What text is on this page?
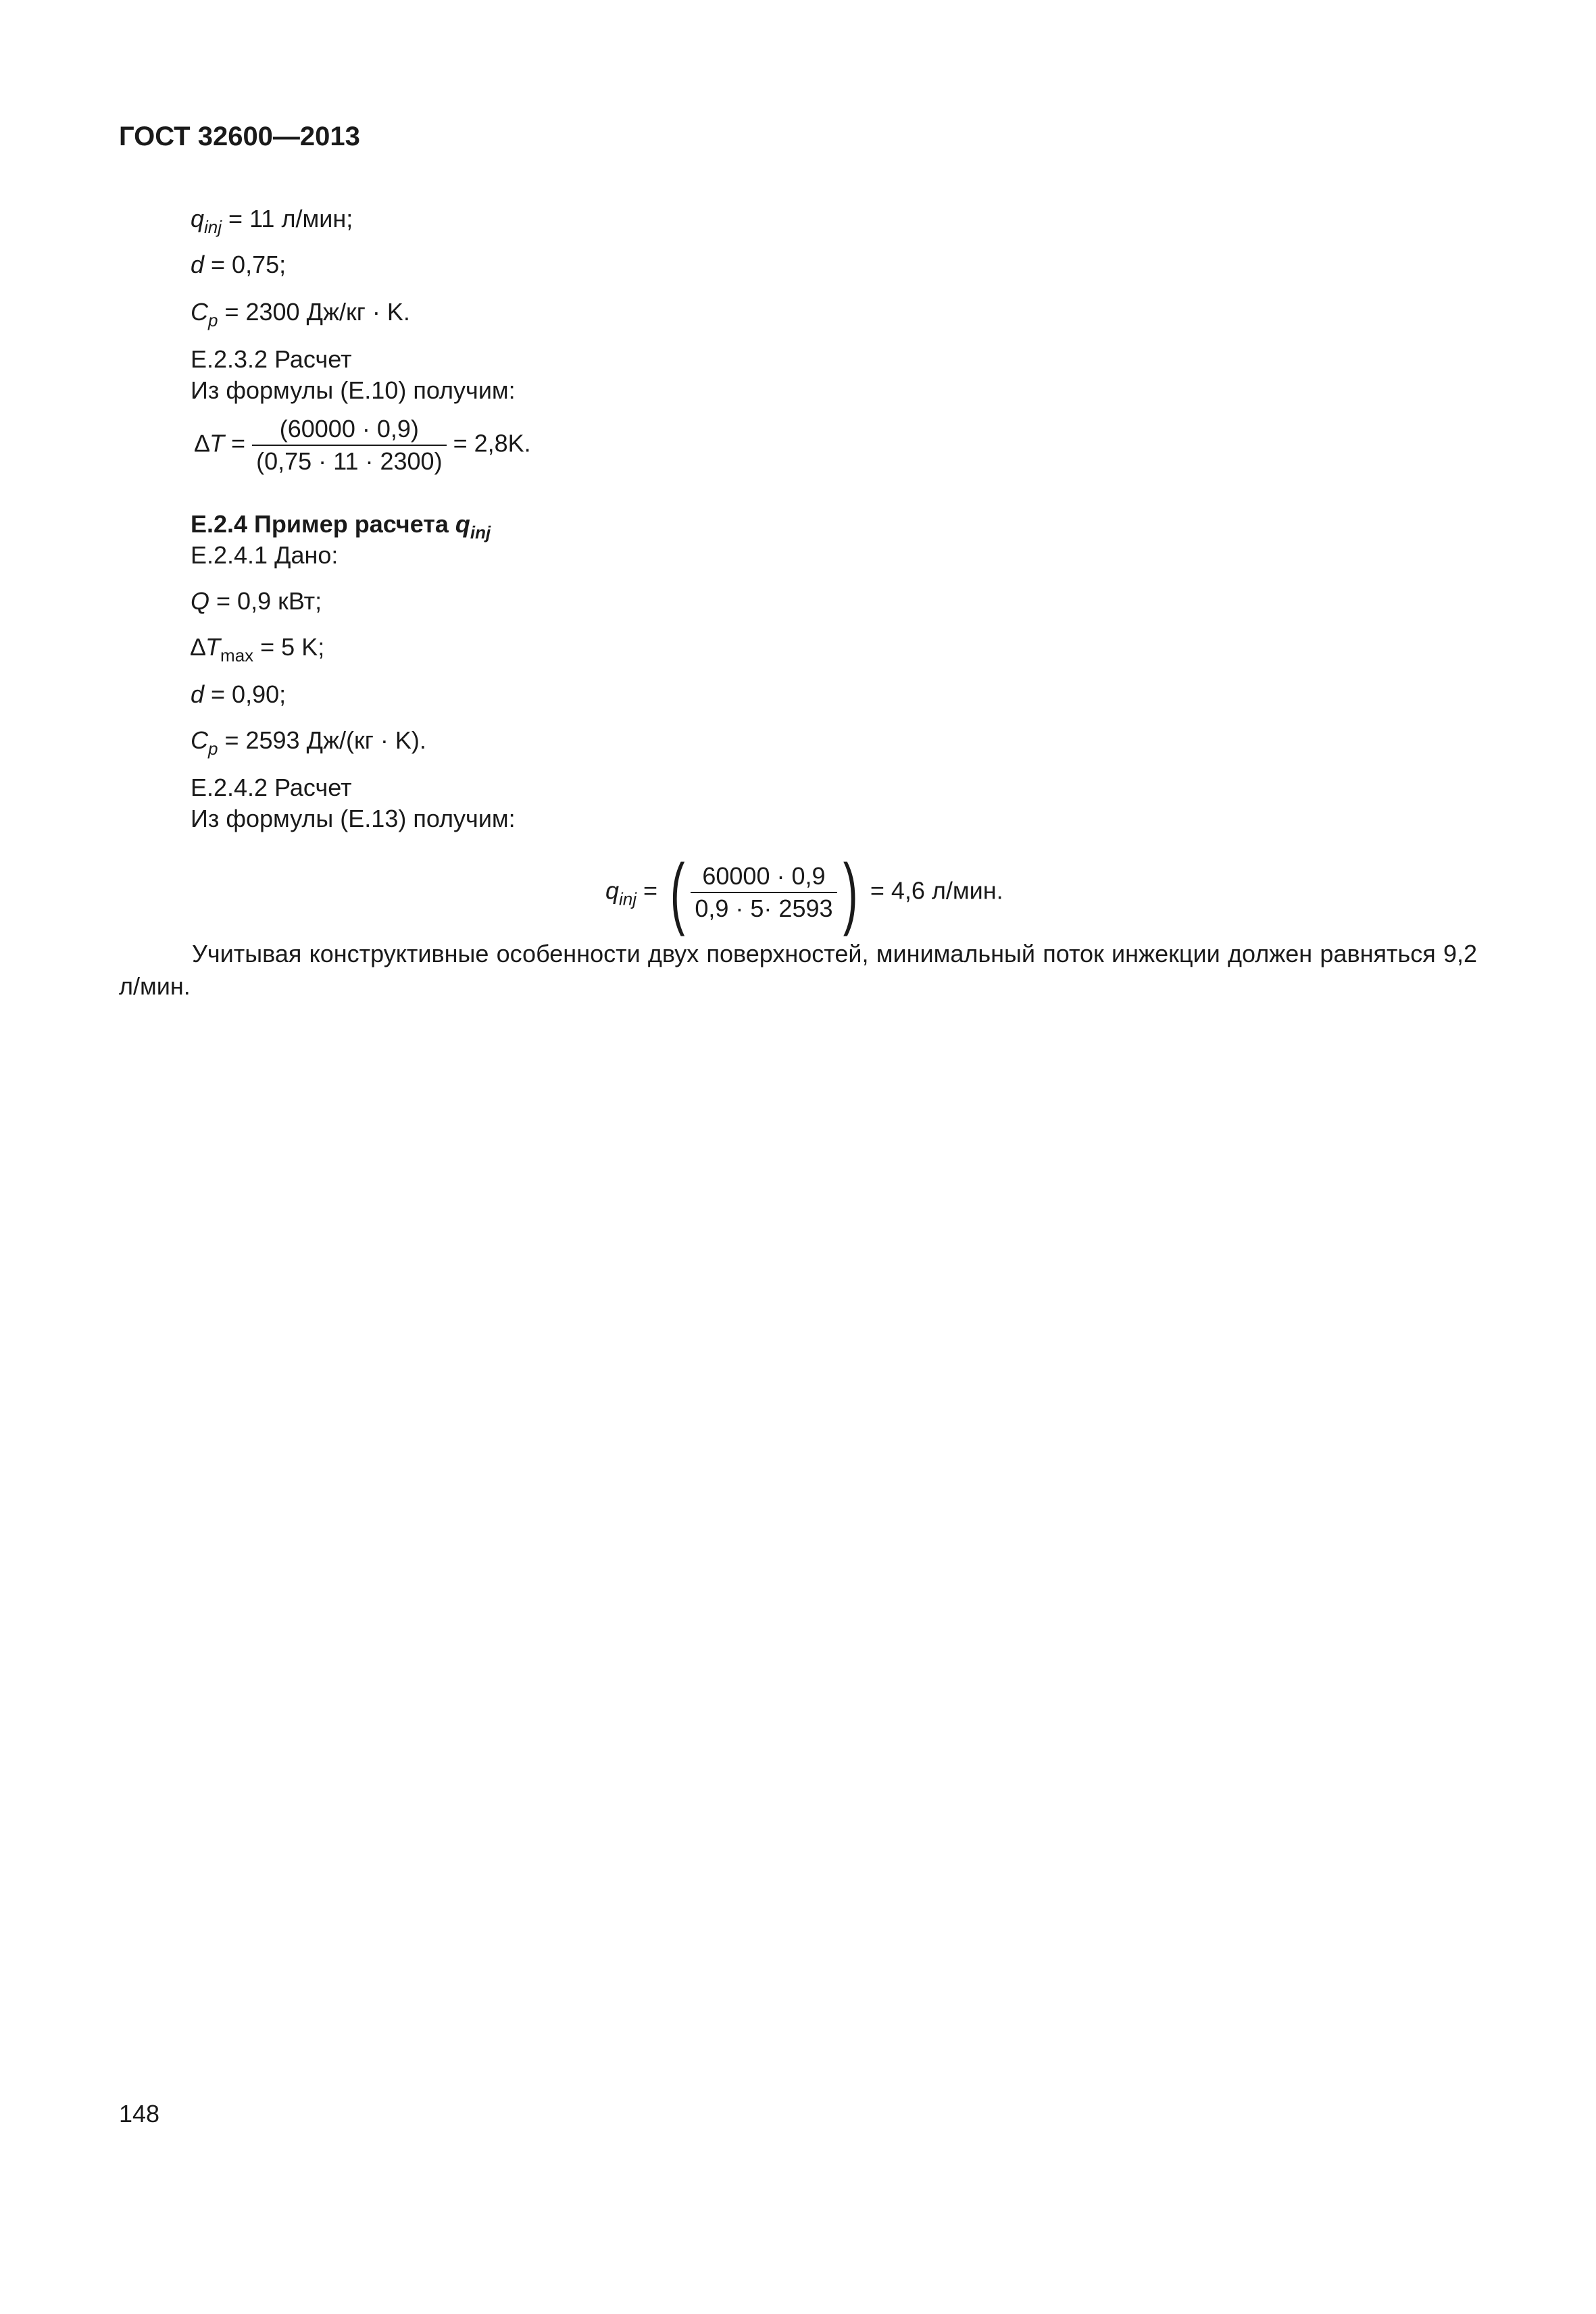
ГОСТ 32600—2013
$q_{inj} = 11$ л/мин;
d = 0,75;
$C_p = 2300$ Дж/кг · K.
Е.2.3.2 Расчет
Из формулы (Е.10) получим:
$\Delta T = \frac{(60000 \cdot 0,9)}{(0,75 \cdot 11 \cdot 2300)} = 2,8K$.
Е.2.4 Пример расчета $q_{inj}$
Е.2.4.1 Дано:
Q = 0,9 кВт;
$\Delta T_{max} = 5$ K;
d = 0,90;
$C_p = 2593$ Дж/(кг · K).
Е.2.4.2 Расчет
Из формулы (Е.13) получим:
$q_{inj}$ = ( $\frac{60000 \cdot 0,9}{0,9 \cdot 5\cdot 2593}$ ) = 4,6 л/мин.
Учитывая конструктивные особенности двух поверхностей, минимальный поток инжекции должен равняться 9,2 л/мин.
148
